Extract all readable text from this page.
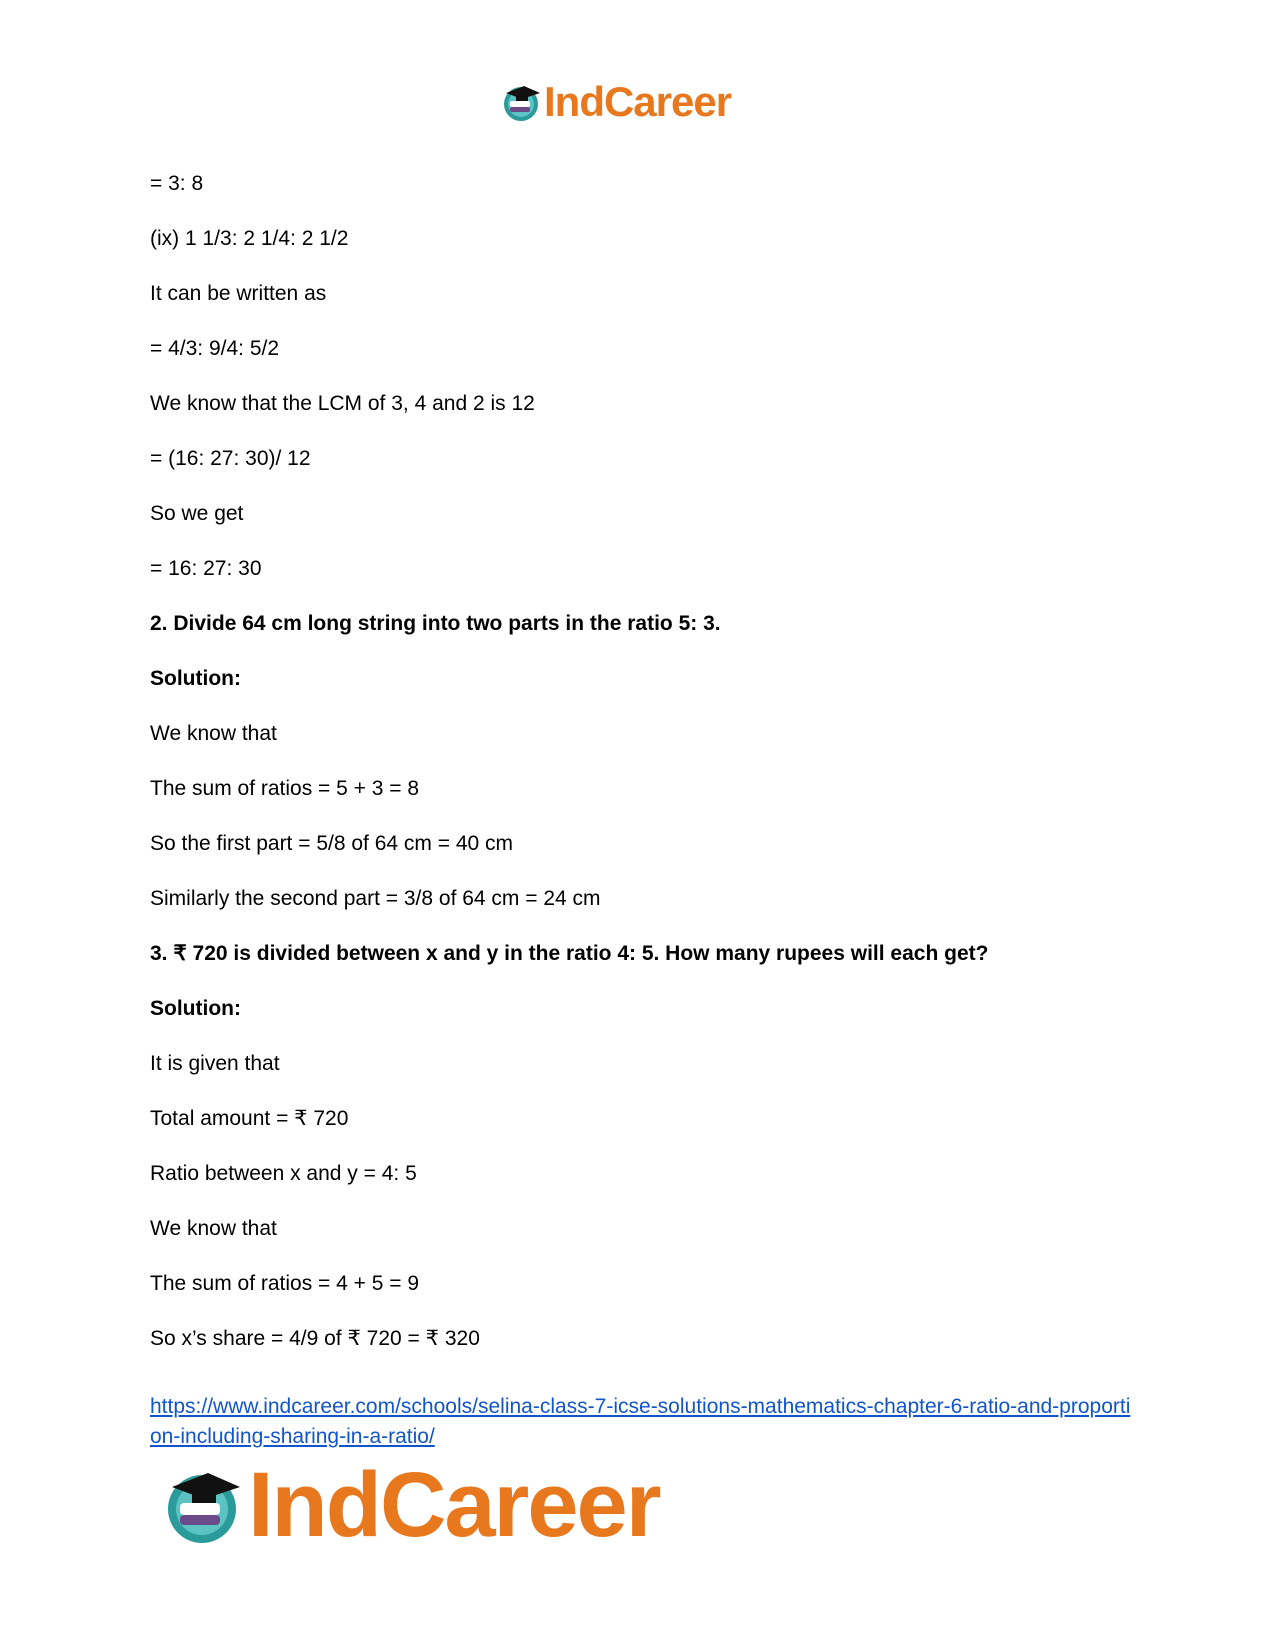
IndCareer

= 3: 8

(ix) 1 1/3: 2 1/4: 2 1/2

It can be written as

= 4/3: 9/4: 5/2

We know that the LCM of 3, 4 and 2 is 12

= (16: 27: 30)/ 12

So we get

= 16: 27: 30

2. Divide 64 cm long string into two parts in the ratio 5: 3.

Solution:

We know that

The sum of ratios = 5 + 3 = 8

So the first part = 5/8 of 64 cm = 40 cm

Similarly the second part = 3/8 of 64 cm = 24 cm

3. ₹ 720 is divided between x and y in the ratio 4: 5. How many rupees will each get?

Solution:

It is given that

Total amount = ₹ 720

Ratio between x and y = 4: 5

We know that

The sum of ratios = 4 + 5 = 9

So x’s share = 4/9 of ₹ 720 = ₹ 320

https://www.indcareer.com/schools/selina-class-7-icse-solutions-mathematics-chapter-6-ratio-and-proportion-including-sharing-in-a-ratio/
IndCareer
